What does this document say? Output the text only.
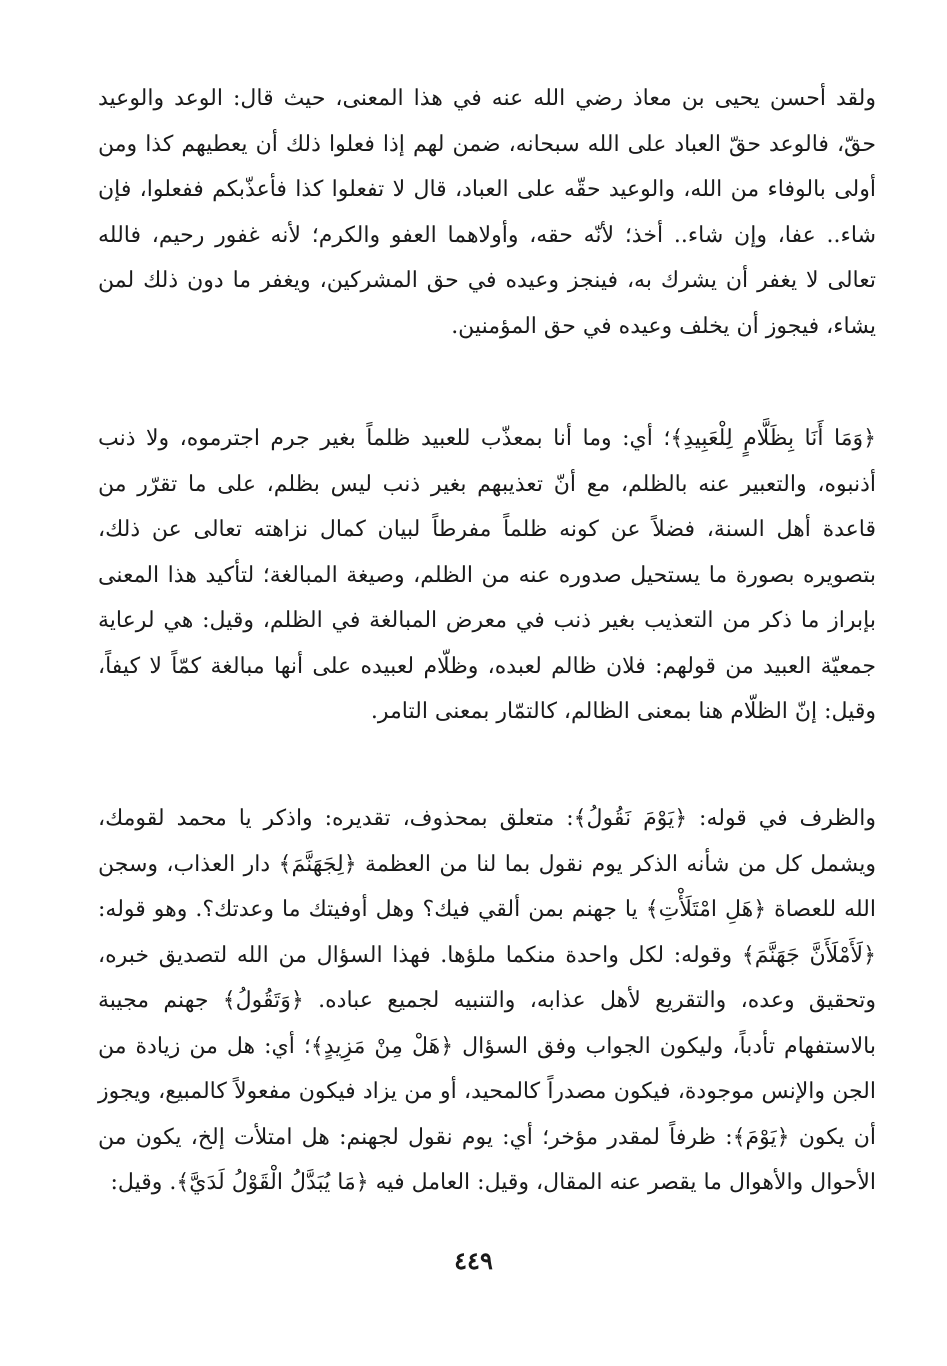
ولقد أحسن يحيى بن معاذ رضي الله عنه في هذا المعنى، حيث قال: الوعد والوعيد حقّ، فالوعد حقّ العباد على الله سبحانه، ضمن لهم إذا فعلوا ذلك أن يعطيهم كذا ومن أولى بالوفاء من الله، والوعيد حقّه على العباد، قال لا تفعلوا كذا فأعذّبكم ففعلوا، فإن شاء.. عفا، وإن شاء.. أخذ؛ لأنّه حقه، وأولاهما العفو والكرم؛ لأنه غفور رحيم، فالله تعالى لا يغفر أن يشرك به، فينجز وعيده في حق المشركين، ويغفر ما دون ذلك لمن يشاء، فيجوز أن يخلف وعيده في حق المؤمنين.

﴿وَمَا أَنَا بِظَلَّامٍ لِلْعَبِيدِ﴾؛ أي: وما أنا بمعذّب للعبيد ظلماً بغير جرم اجترموه، ولا ذنب أذنبوه، والتعبير عنه بالظلم، مع أنّ تعذيبهم بغير ذنب ليس بظلم، على ما تقرّر من قاعدة أهل السنة، فضلاً عن كونه ظلماً مفرطاً لبيان كمال نزاهته تعالى عن ذلك، بتصويره بصورة ما يستحيل صدوره عنه من الظلم، وصيغة المبالغة؛ لتأكيد هذا المعنى بإبراز ما ذكر من التعذيب بغير ذنب في معرض المبالغة في الظلم، وقيل: هي لرعاية جمعيّة العبيد من قولهم: فلان ظالم لعبده، وظلّام لعبيده على أنها مبالغة كمّاً لا كيفاً، وقيل: إنّ الظلّام هنا بمعنى الظالم، كالتمّار بمعنى التامر.

والظرف في قوله: ﴿يَوْمَ نَقُولُ﴾: متعلق بمحذوف، تقديره: واذكر يا محمد لقومك، ويشمل كل من شأنه الذكر يوم نقول بما لنا من العظمة ﴿لِجَهَنَّمَ﴾ دار العذاب، وسجن الله للعصاة ﴿هَلِ امْتَلَأْتِ﴾ يا جهنم بمن ألقي فيك؟ وهل أوفيتك ما وعدتك؟. وهو قوله: ﴿لَأَمْلَأَنَّ جَهَنَّمَ﴾ وقوله: لكل واحدة منكما ملؤها. فهذا السؤال من الله لتصديق خبره، وتحقيق وعده، والتقريع لأهل عذابه، والتنبيه لجميع عباده. ﴿وَتَقُولُ﴾ جهنم مجيبة بالاستفهام تأدباً، وليكون الجواب وفق السؤال ﴿هَلْ مِنْ مَزِيدٍ﴾؛ أي: هل من زيادة من الجن والإنس موجودة، فيكون مصدراً كالمحيد، أو من يزاد فيكون مفعولاً كالمبيع، ويجوز أن يكون ﴿يَوْمَ﴾: ظرفاً لمقدر مؤخر؛ أي: يوم نقول لجهنم: هل امتلأت إلخ، يكون من الأحوال والأهوال ما يقصر عنه المقال، وقيل: العامل فيه ﴿مَا يُبَدَّلُ الْقَوْلُ لَدَيَّ﴾. وقيل:

٤٤٩
